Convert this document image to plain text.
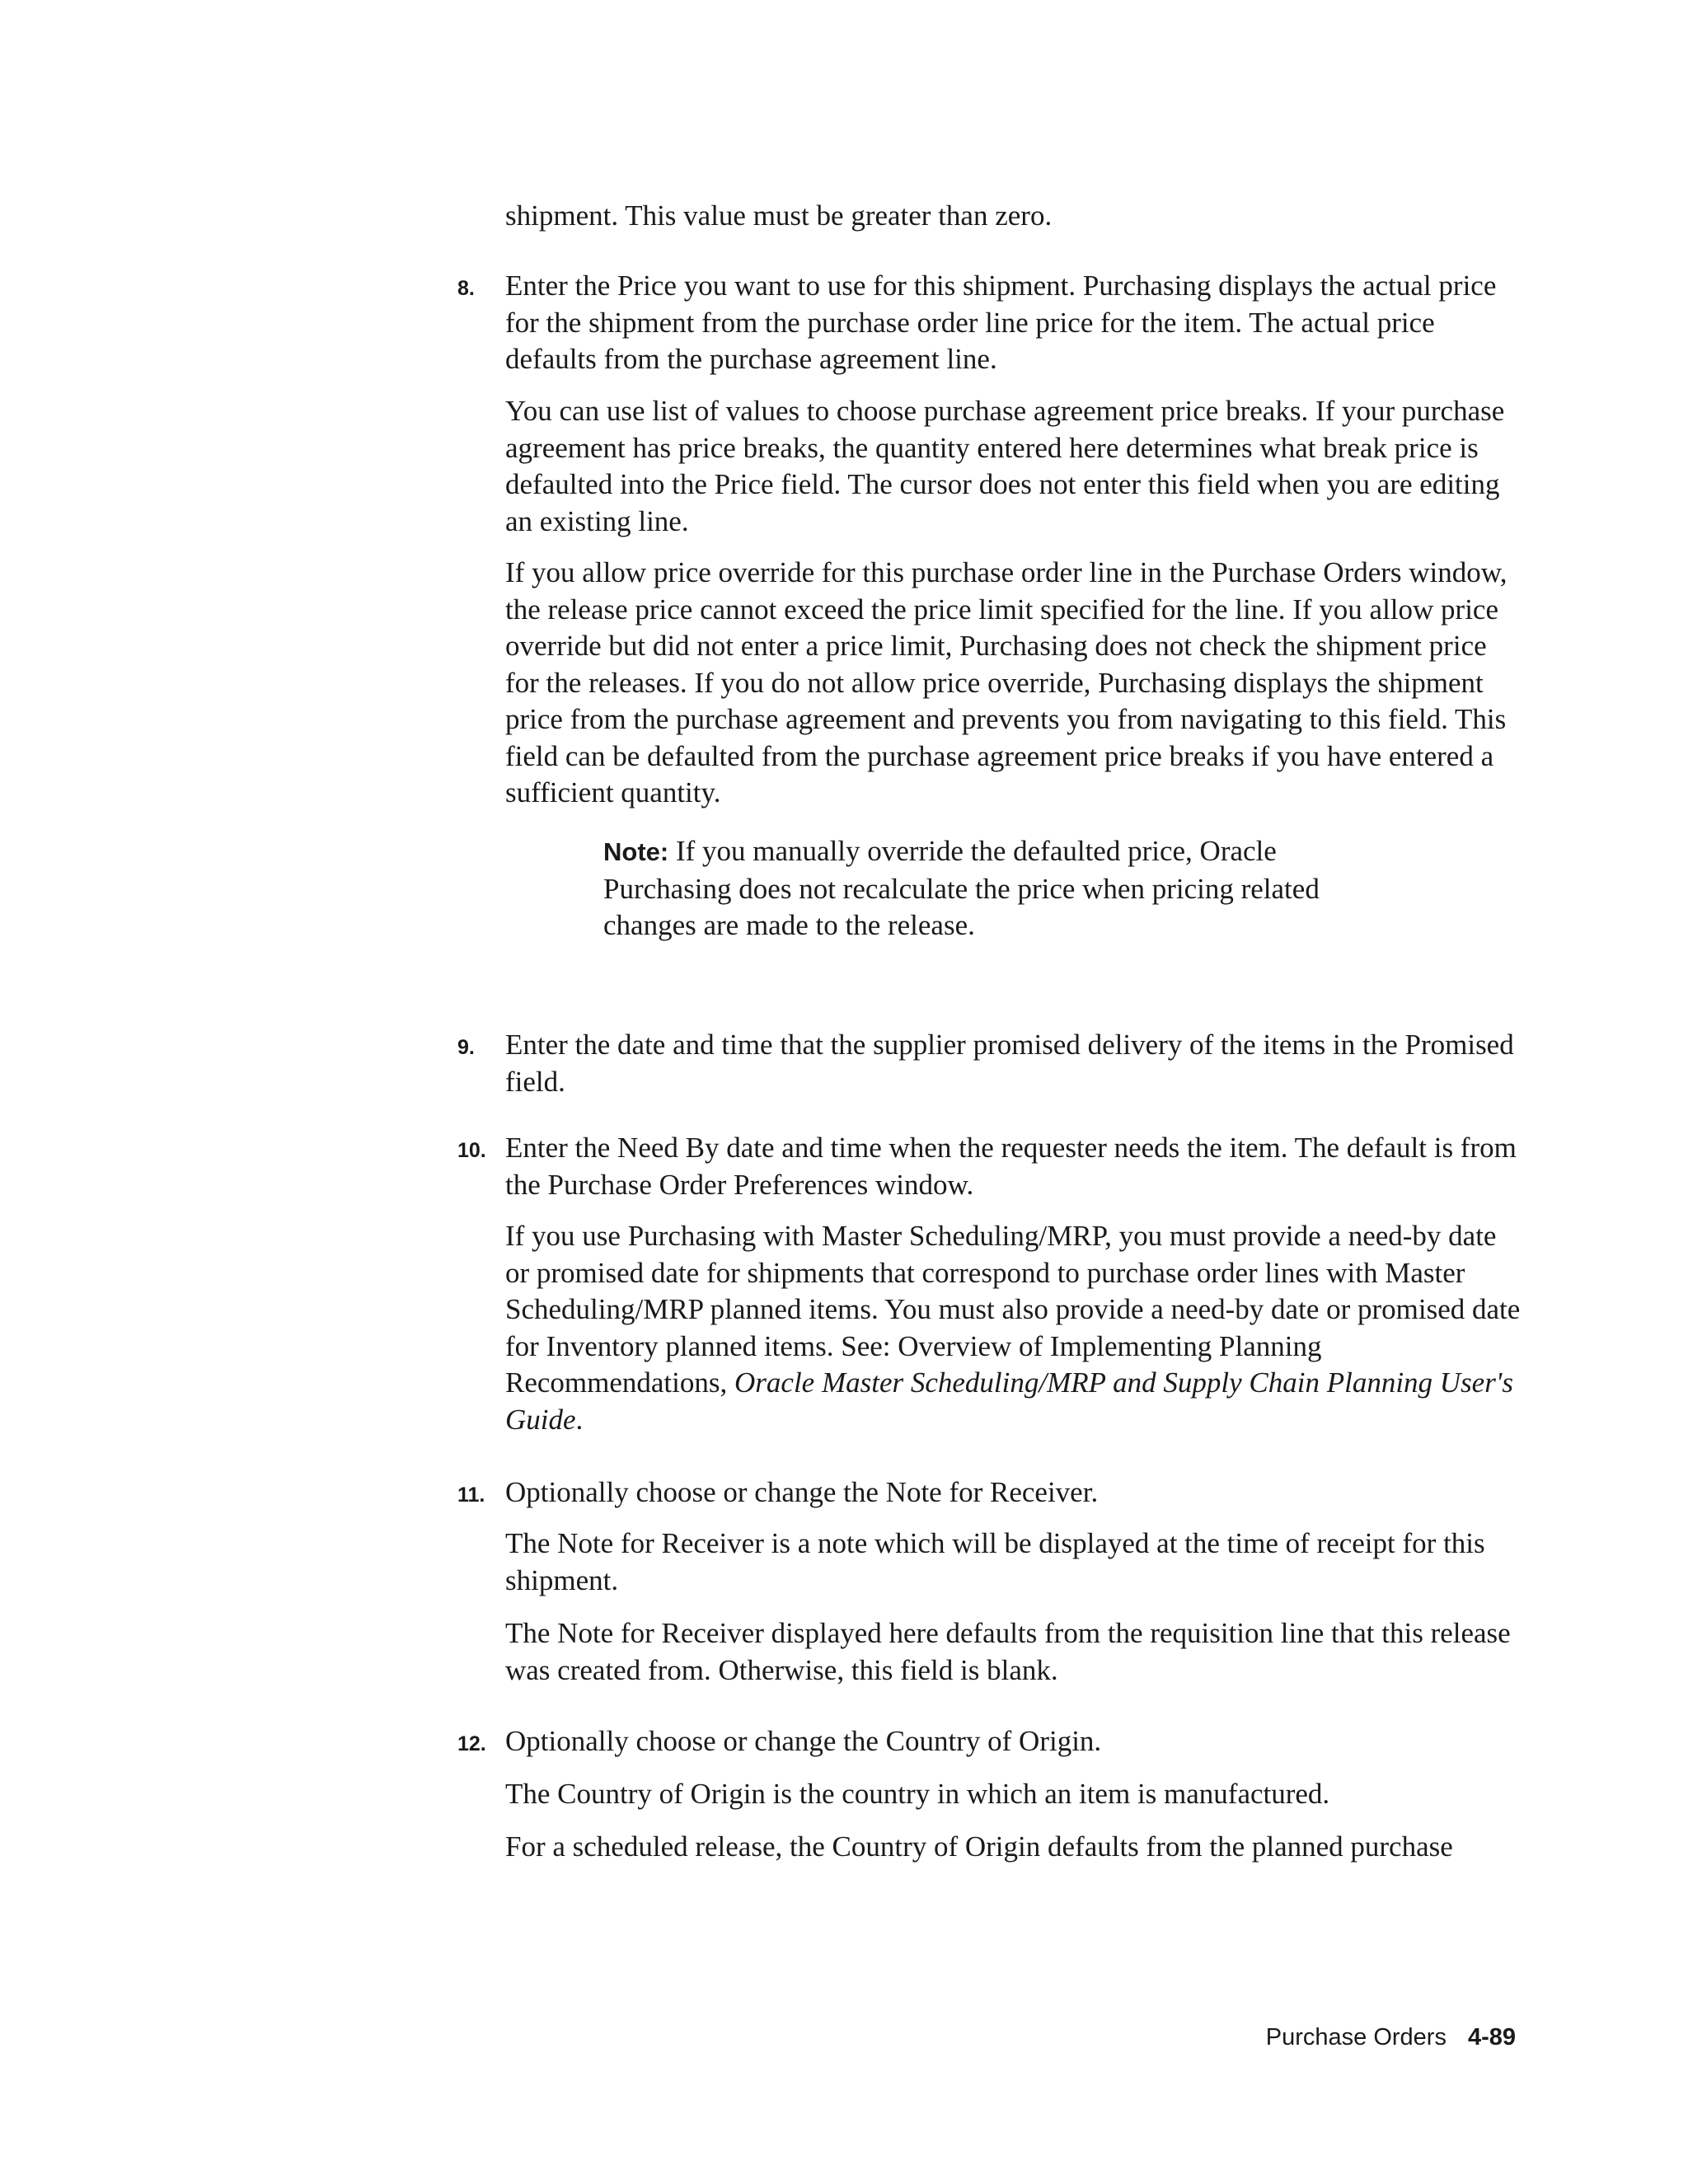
shipment. This value must be greater than zero.

8. Enter the Price you want to use for this shipment. Purchasing displays the actual price for the shipment from the purchase order line price for the item. The actual price defaults from the purchase agreement line.

You can use list of values to choose purchase agreement price breaks. If your purchase agreement has price breaks, the quantity entered here determines what break price is defaulted into the Price field. The cursor does not enter this field when you are editing an existing line.

If you allow price override for this purchase order line in the Purchase Orders window, the release price cannot exceed the price limit specified for the line. If you allow price override but did not enter a price limit, Purchasing does not check the shipment price for the releases. If you do not allow price override, Purchasing displays the shipment price from the purchase agreement and prevents you from navigating to this field. This field can be defaulted from the purchase agreement price breaks if you have entered a sufficient quantity.

Note: If you manually override the defaulted price, Oracle Purchasing does not recalculate the price when pricing related changes are made to the release.

9. Enter the date and time that the supplier promised delivery of the items in the Promised field.

10. Enter the Need By date and time when the requester needs the item. The default is from the Purchase Order Preferences window.

If you use Purchasing with Master Scheduling/MRP, you must provide a need-by date or promised date for shipments that correspond to purchase order lines with Master Scheduling/MRP planned items. You must also provide a need-by date or promised date for Inventory planned items. See: Overview of Implementing Planning Recommendations, Oracle Master Scheduling/MRP and Supply Chain Planning User's Guide.

11. Optionally choose or change the Note for Receiver.

The Note for Receiver is a note which will be displayed at the time of receipt for this shipment.

The Note for Receiver displayed here defaults from the requisition line that this release was created from. Otherwise, this field is blank.

12. Optionally choose or change the Country of Origin.

The Country of Origin is the country in which an item is manufactured.

For a scheduled release, the Country of Origin defaults from the planned purchase

Purchase Orders 4-89
